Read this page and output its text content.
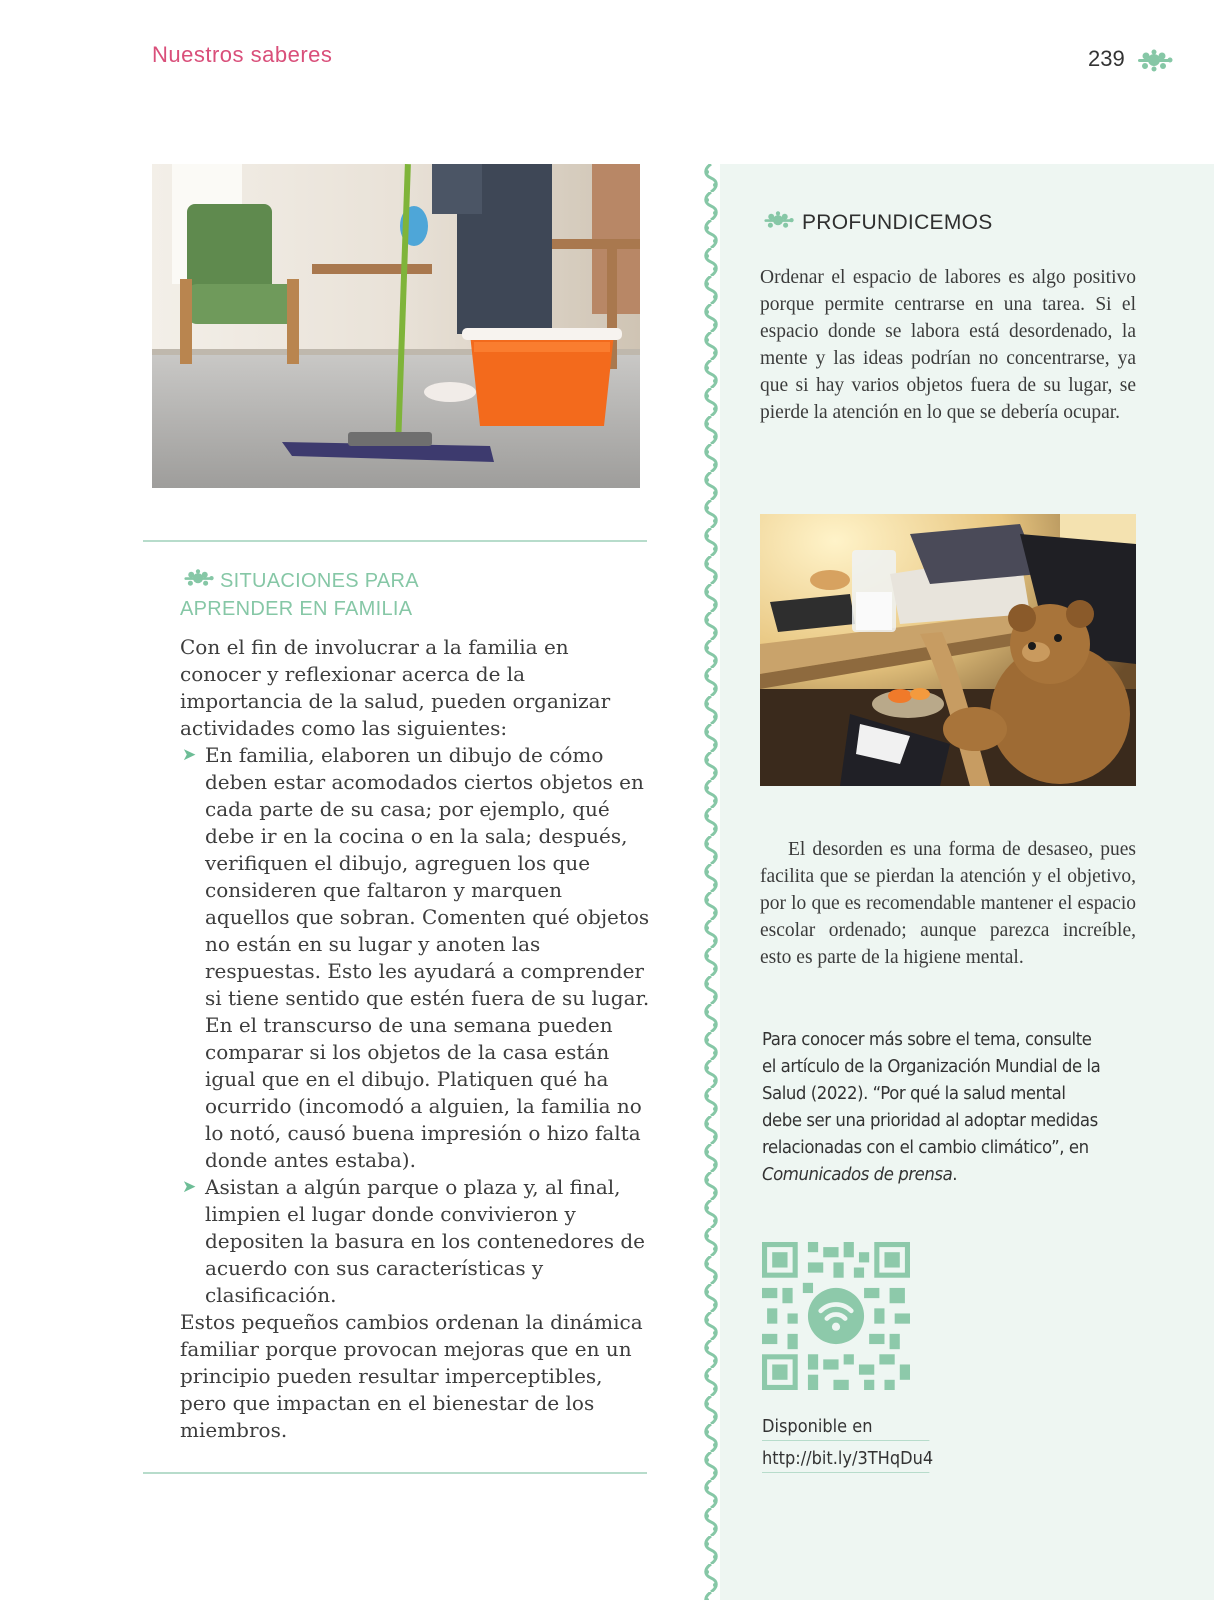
Nuestros saberes	239
SITUACIONES PARA
APRENDER EN FAMILIA

Con el fin de involucrar a la familia en conocer y reflexionar acerca de la importancia de la salud, pueden organizar actividades como las siguientes:

➤ En familia, elaboren un dibujo de cómo deben estar acomodados ciertos objetos en cada parte de su casa; por ejemplo, qué debe ir en la cocina o en la sala; después, verifiquen el dibujo, agreguen los que consideren que faltaron y marquen aquellos que sobran. Comenten qué objetos no están en su lugar y anoten las respuestas. Esto les ayudará a comprender si tiene sentido que estén fuera de su lugar. En el transcurso de una semana pueden comparar si los objetos de la casa están igual que en el dibujo. Platiquen qué ha ocurrido (incomodó a alguien, la familia no lo notó, causó buena impresión o hizo falta donde antes estaba).
➤ Asistan a algún parque o plaza y, al final, limpien el lugar donde convivieron y depositen la basura en los contenedores de acuerdo con sus características y clasificación.

Estos pequeños cambios ordenan la dinámica familiar porque provocan mejoras que en un principio pueden resultar imperceptibles, pero que impactan en el bienestar de los miembros.

PROFUNDICEMOS

Ordenar el espacio de labores es algo positivo porque permite centrarse en una tarea. Si el espacio donde se labora está desordenado, la mente y las ideas podrían no concentrarse, ya que si hay varios objetos fuera de su lugar, se pierde la atención en lo que se debería ocupar.

El desorden es una forma de desaseo, pues facilita que se pierdan la atención y el objetivo, por lo que es recomendable mantener el espacio escolar ordenado; aunque parezca increíble, esto es parte de la higiene mental.

Para conocer más sobre el tema, consulte el artículo de la Organización Mundial de la Salud (2022). “Por qué la salud mental debe ser una prioridad al adoptar medidas relacionadas con el cambio climático”, en Comunicados de prensa.

Disponible en
http://bit.ly/3THqDu4
